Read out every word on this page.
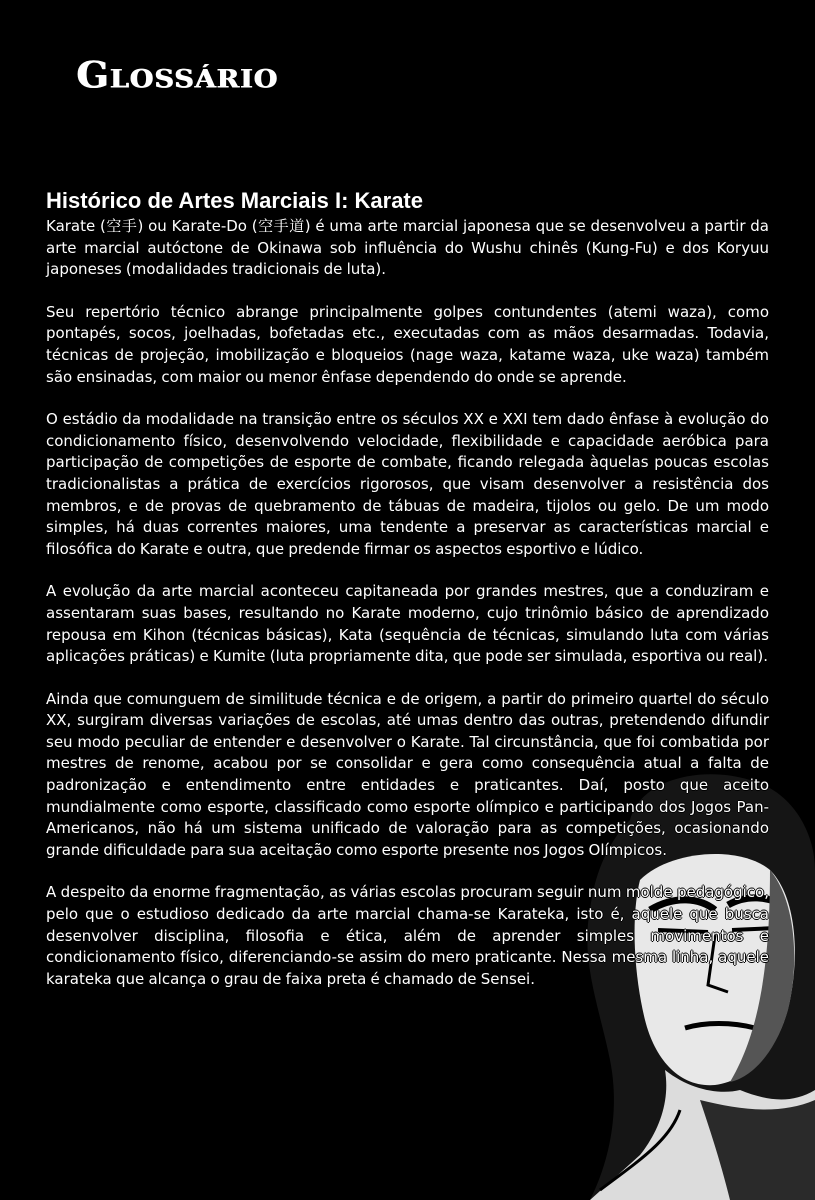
Glossário
Histórico de Artes Marciais I: Karate

Karate (空手) ou Karate-Do (空手道) é uma arte marcial japonesa que se desenvolveu a partir da arte marcial autóctone de Okinawa sob influência do Wushu chinês (Kung-Fu) e dos Koryuu japoneses (modalidades tradicionais de luta).

Seu repertório técnico abrange principalmente golpes contundentes (atemi waza), como pontapés, socos, joelhadas, bofetadas etc., executadas com as mãos desarmadas. Todavia, técnicas de projeção, imobilização e bloqueios (nage waza, katame waza, uke waza) também são ensinadas, com maior ou menor ênfase dependendo do onde se aprende.

O estádio da modalidade na transição entre os séculos XX e XXI tem dado ênfase à evolução do condicionamento físico, desenvolvendo velocidade, flexibilidade e capacidade aeróbica para participação de competições de esporte de combate, ficando relegada àquelas poucas escolas tradicionalistas a prática de exercícios rigorosos, que visam desenvolver a resistência dos membros, e de provas de quebramento de tábuas de madeira, tijolos ou gelo. De um modo simples, há duas correntes maiores, uma tendente a preservar as características marcial e filosófica do Karate e outra, que predende firmar os aspectos esportivo e lúdico.

A evolução da arte marcial aconteceu capitaneada por grandes mestres, que a conduziram e assentaram suas bases, resultando no Karate moderno, cujo trinômio básico de aprendizado repousa em Kihon (técnicas básicas), Kata (sequência de técnicas, simulando luta com várias aplicações práticas) e Kumite (luta propriamente dita, que pode ser simulada, esportiva ou real).

Ainda que comunguem de similitude técnica e de origem, a partir do primeiro quartel do século XX, surgiram diversas variações de escolas, até umas dentro das outras, pretendendo difundir seu modo peculiar de entender e desenvolver o Karate. Tal circunstância, que foi combatida por mestres de renome, acabou por se consolidar e gera como consequência atual a falta de padronização e entendimento entre entidades e praticantes. Daí, posto que aceito mundialmente como esporte, classificado como esporte olímpico e participando dos Jogos Pan-Americanos, não há um sistema unificado de valoração para as competições, ocasionando grande dificuldade para sua aceitação como esporte presente nos Jogos Olímpicos.

A despeito da enorme fragmentação, as várias escolas procuram seguir num molde pedagógico, pelo que o estudioso dedicado da arte marcial chama-se Karateka, isto é, aquele que busca desenvolver disciplina, filosofia e ética, além de aprender simples movimentos e condicionamento físico, diferenciando-se assim do mero praticante. Nessa mesma linha, aquele karateka que alcança o grau de faixa preta é chamado de Sensei.
